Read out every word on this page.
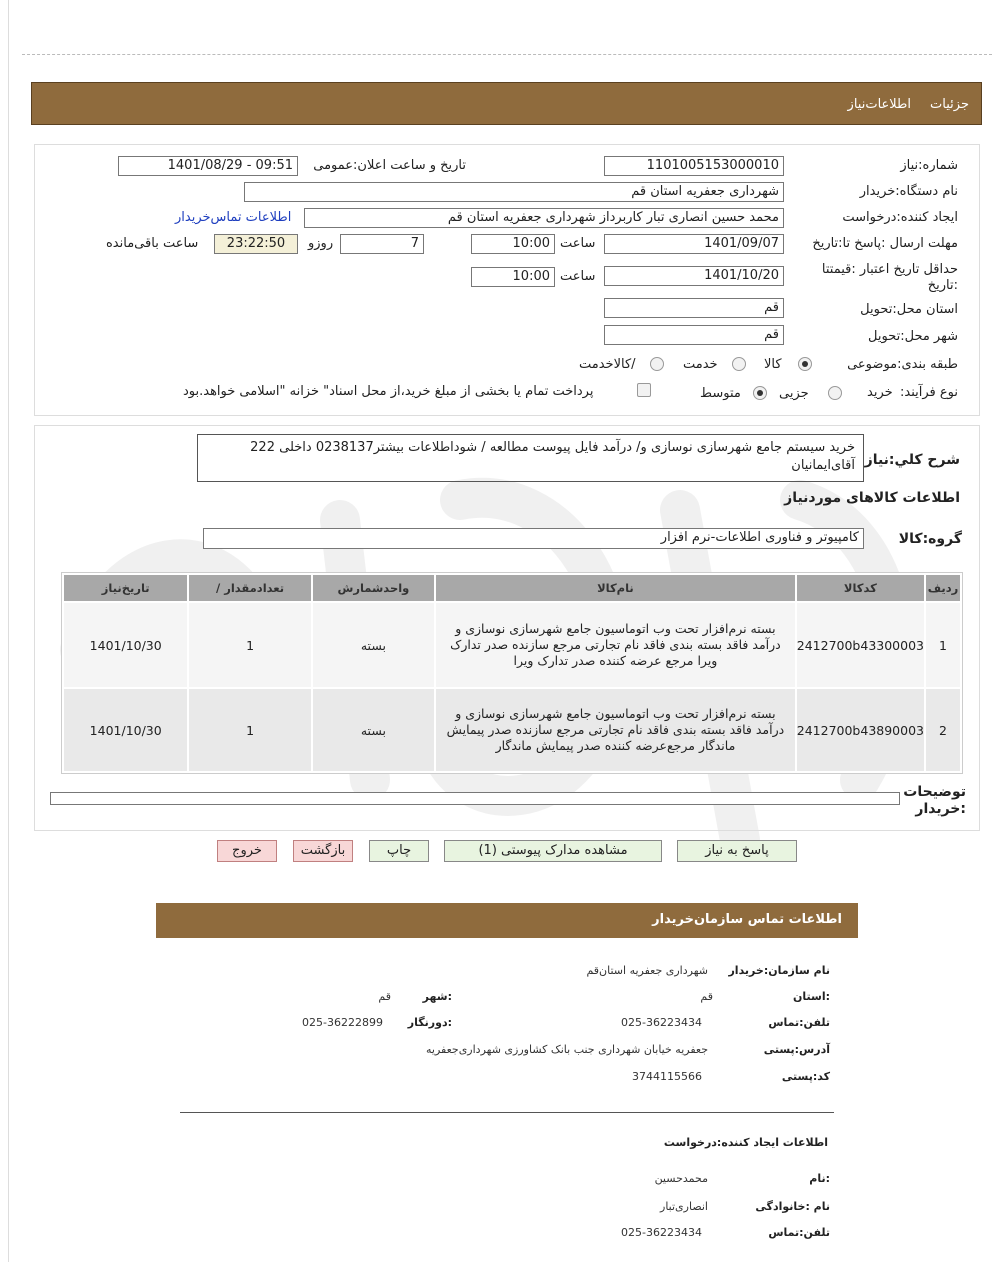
جزئیات
اطلاعات‌نیاز
شماره:نیاز
1101005153000010
تاریخ و ساعت اعلان:عمومی
1401/08/29 - 09:51
نام دستگاه:خریدار
شهرداری جعفریه استان قم
ایجاد کننده:درخواست
محمد حسین انصاری تبار کاربرداز شهرداری جعفریه استان قم
اطلاعات تماس‌خریدار
مهلت ارسال :پاسخ تا:تاریخ
1401/09/07
ساعت
10:00
7
روزو
23:22:50
ساعت باقی‌مانده
حداقل تاریخ اعتبار :قیمتتا
:تاریخ
1401/10/20
ساعت
10:00
استان محل:تحویل
قم
شهر محل:تحویل
قم
طبقه بندی:موضوعی
کالا
خدمت
/کالاخدمت
نوع فرآیند:
خرید
جزیی
متوسط
پرداخت تمام یا بخشی از مبلغ خرید،از محل اسناد" خزانه "اسلامی خواهد.بود
شرح كلي:نیاز
خرید سیستم جامع شهرسازی نوسازی و/ درآمد فایل پیوست مطالعه / شوداطلاعات بیشتر0238137 داخلی 222 آقای‌ایمانیان
اطلاعات كالاهای موردنیاز
گروه:کالا
کامپیوتر و فناوری اطلاعات-نرم افزار
تاریخ‌نیاز	/ تعدادمقدار	واحدشمارش	نام‌کالا	کدکالا	ردیف
1401/10/30	1	بسته	بسته نرم‌افزار تحت وب اتوماسیون جامع شهرسازی نوسازی و درآمد فاقد بسته بندی فاقد نام تجارتی مرجع سازنده صدر تدارک ویرا مرجع عرضه کننده صدر تدارک ویرا	2412700b43300003	1
1401/10/30	1	بسته	بسته نرم‌افزار تحت وب اتوماسیون جامع شهرسازی نوسازی و درآمد فاقد بسته بندی فاقد نام تجارتی مرجع سازنده صدر پیمایش ماندگار مرجع‌عرضه کننده صدر پیمایش ماندگار	2412700b43890003	2
توضیحات
:خریدار
پاسخ به نیاز
مشاهده مدارک پیوستی (1)
چاپ
بازگشت
خروج
اطلاعات تماس سازمان‌خریدار
نام سازمان:خریدار
شهرداری جعفریه استان‌قم
:استان
قم
:شهر
قم
تلفن:تماس
025-36223434
:دورنگار
025-36222899
آدرس:پستی
جعفریه خیابان شهرداری جنب بانک کشاورزی شهرداری‌جعفریه
کد:پستی
3744115566
اطلاعات ایجاد کننده:درخواست
:نام
محمدحسین
نام :خانوادگی
انصاری‌تبار
تلفن:تماس
025-36223434
